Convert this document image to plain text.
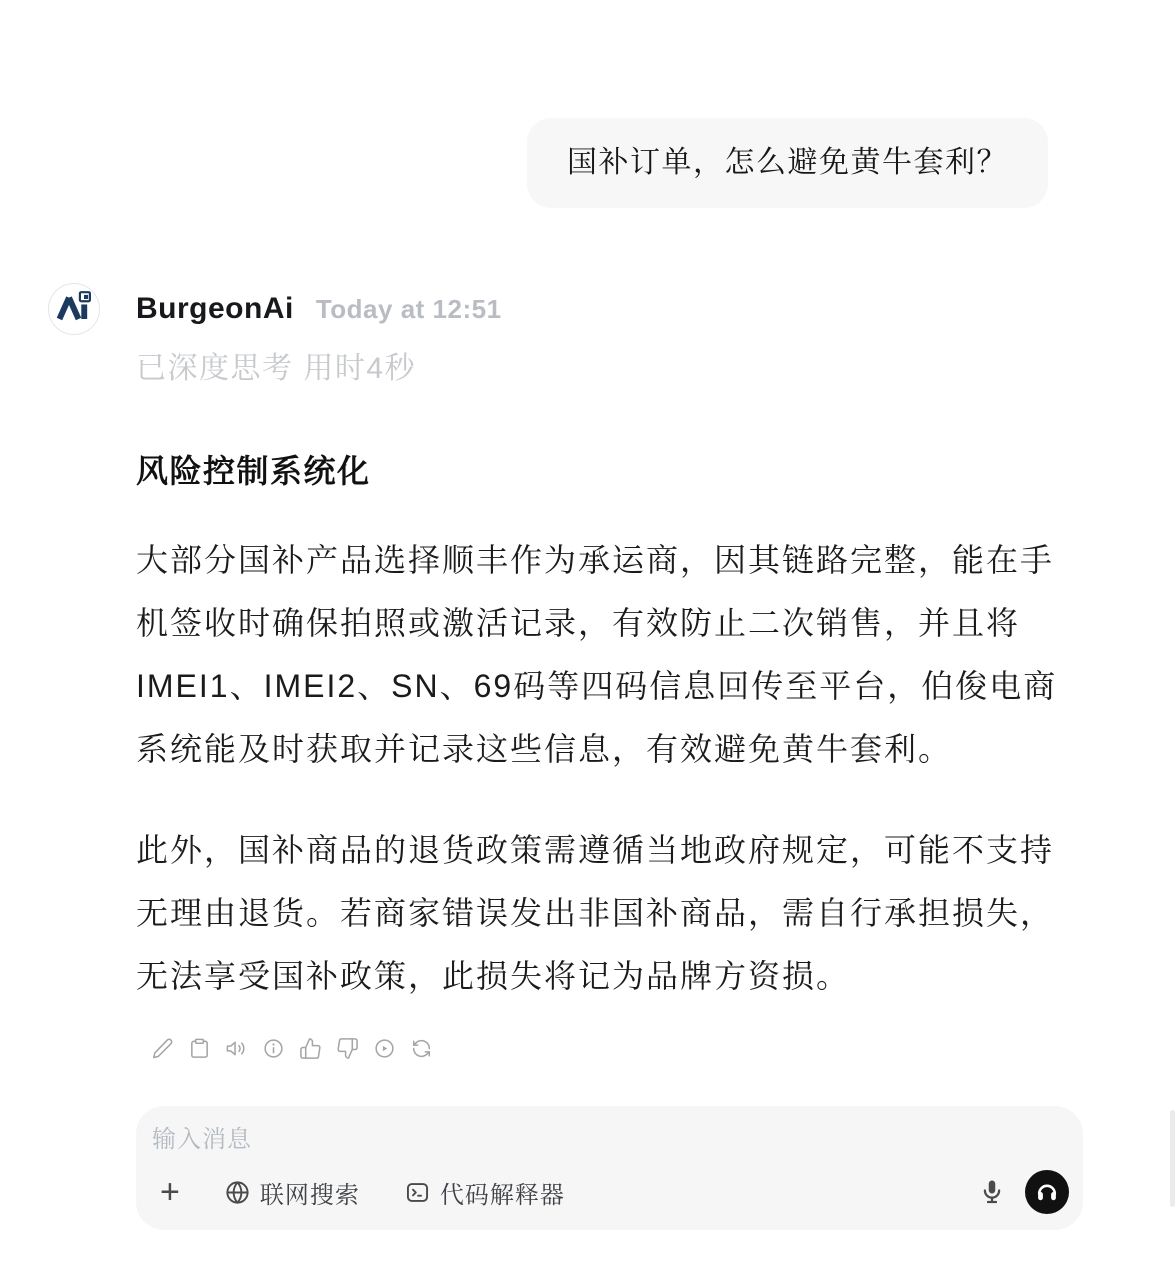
国补订单，怎么避免黄牛套利？
BurgeonAi Today at 12:51
已深度思考 用时4秒
风险控制系统化

大部分国补产品选择顺丰作为承运商，因其链路完整，能在手机签收时确保拍照或激活记录，有效防止二次销售，并且将IMEI1、IMEI2、SN、69码等四码信息回传至平台，伯俊电商系统能及时获取并记录这些信息，有效避免黄牛套利。

此外，国补商品的退货政策需遵循当地政府规定，可能不支持无理由退货。若商家错误发出非国补商品，需自行承担损失，无法享受国补政策，此损失将记为品牌方资损。

输入消息
+	联网搜索	代码解释器
